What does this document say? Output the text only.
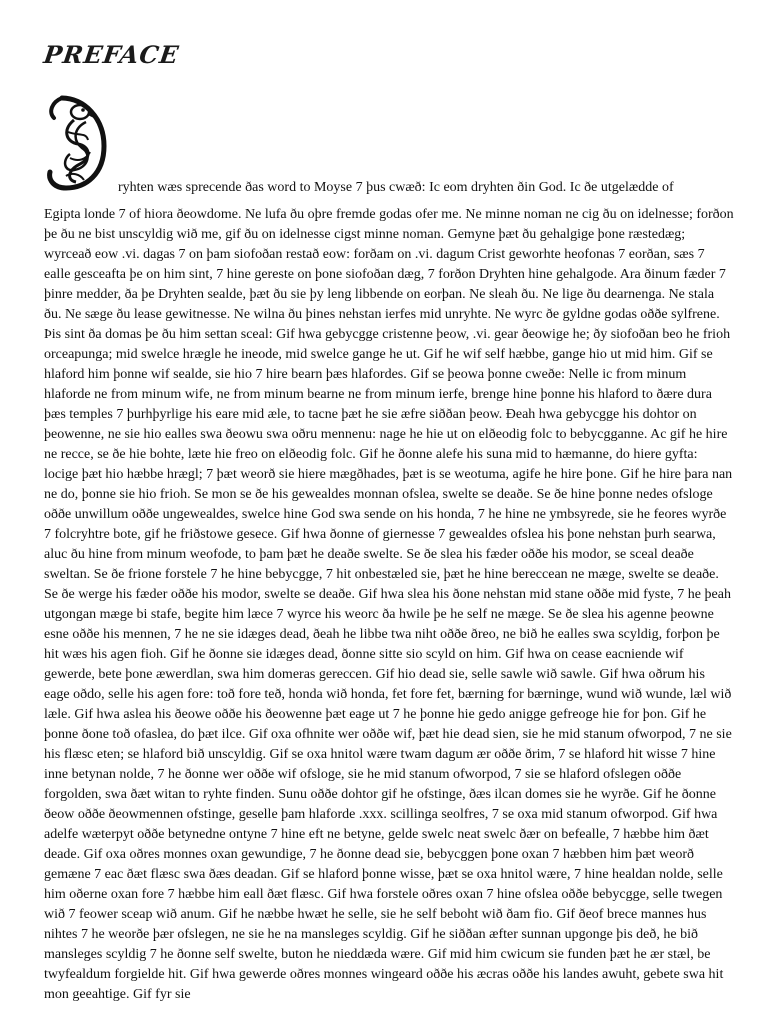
PREFACE
ryhten wæs sprecende ðas word to Moyse 7 þus cwæð: Ic eom dryhten ðin God. Ic ðe utgelædde of
Egipta londe 7 of hiora ðeowdome. Ne lufa ðu oþre fremde godas ofer me. Ne minne noman ne cig ðu on idelnesse; forðon þe ðu ne bist unscyldig wið me, gif ðu on idelnesse cigst minne noman. Gemyne þæt ðu gehalgige þone ræstedæg; wyrceað eow .vi. dagas 7 on þam siofoðan restað eow: forðam on .vi. dagum Crist geworhte heofonas 7 eorðan, sæs 7 ealle gesceafta þe on him sint, 7 hine gereste on þone siofoðan dæg, 7 forðon Dryhten hine gehalgode. Ara ðinum fæder 7 þinre medder, ða þe Dryhten sealde, þæt ðu sie þy leng libbende on eorþan. Ne sleah ðu. Ne lige ðu dearnenga. Ne stala ðu. Ne sæge ðu lease gewitnesse. Ne wilna ðu þines nehstan ierfes mid unryhte. Ne wyrc ðe gyldne godas oððe sylfrene. Þis sint ða domas þe ðu him settan sceal: Gif hwa gebycgge cristenne þeow, .vi. gear ðeowige he; ðy siofoðan beo he frioh orceapunga; mid swelce hrægle he ineode, mid swelce gange he ut. Gif he wif self hæbbe, gange hio ut mid him. Gif se hlaford him þonne wif sealde, sie hio 7 hire bearn þæs hlafordes. Gif se þeowa þonne cweðe: Nelle ic from minum hlaforde ne from minum wife, ne from minum bearne ne from minum ierfe, brenge hine þonne his hlaford to ðære dura þæs temples 7 þurhþyrlige his eare mid æle, to tacne þæt he sie æfre siððan þeow. Ðeah hwa gebycgge his dohtor on þeowenne, ne sie hio ealles swa ðeowu swa oðru mennenu: nage he hie ut on elðeodig folc to bebycgganne. Ac gif he hire ne recce, se ðe hie bohte, læte hie freo on elðeodig folc. Gif he ðonne alefe his suna mid to hæmanne, do hiere gyfta: locige þæt hio hæbbe hrægl; 7 þæt weorð sie hiere mægðhades, þæt is se weotuma, agife he hire þone. Gif he hire þara nan ne do, þonne sie hio frioh. Se mon se ðe his gewealdes monnan ofslea, swelte se deaðe. Se ðe hine þonne nedes ofsloge oððe unwillum oððe ungewealdes, swelce hine God swa sende on his honda, 7 he hine ne ymbsyrede, sie he feores wyrðe 7 folcryhtre bote, gif he friðstowe gesece. Gif hwa ðonne of giernesse 7 gewealdes ofslea his þone nehstan þurh searwa, aluc ðu hine from minum weofode, to þam þæt he deaðe swelte. Se ðe slea his fæder oððe his modor, se sceal deaðe sweltan. Se ðe frione forstele 7 he hine bebycgge, 7 hit onbestæled sie, þæt he hine bereccean ne mæge, swelte se deaðe. Se ðe werge his fæder oððe his modor, swelte se deaðe. Gif hwa slea his ðone nehstan mid stane oððe mid fyste, 7 he þeah utgongan mæge bi stafe, begite him læce 7 wyrce his weorc ða hwile þe he self ne mæge. Se ðe slea his agenne þeowne esne oððe his mennen, 7 he ne sie idæges dead, ðeah he libbe twa niht oððe ðreo, ne bið he ealles swa scyldig, forþon þe hit wæs his agen fioh. Gif he ðonne sie idæges dead, ðonne sitte sio scyld on him. Gif hwa on cease eacniende wif gewerde, bete þone æwerdlan, swa him domeras gereccen. Gif hio dead sie, selle sawle wið sawle. Gif hwa oðrum his eage oðdo, selle his agen fore: toð fore teð, honda wið honda, fet fore fet, bærning for bærninge, wund wið wunde, læl wið læle. Gif hwa aslea his ðeowe oððe his ðeowenne þæt eage ut 7 he þonne hie gedo anigge gefreoge hie for þon. Gif he þonne ðone toð ofaslea, do þæt ilce. Gif oxa ofhnite wer oððe wif, þæt hie dead sien, sie he mid stanum ofworpod, 7 ne sie his flæsc eten; se hlaford bið unscyldig. Gif se oxa hnitol wære twam dagum ær oððe ðrim, 7 se hlaford hit wisse 7 hine inne betynan nolde, 7 he ðonne wer oððe wif ofsloge, sie he mid stanum ofworpod, 7 sie se hlaford ofslegen oððe forgolden, swa ðæt witan to ryhte finden. Sunu oððe dohtor gif he ofstinge, ðæs ilcan domes sie he wyrðe. Gif he ðonne ðeow oððe ðeowmennen ofstinge, geselle þam hlaforde .xxx. scillinga seolfres, 7 se oxa mid stanum ofworpod. Gif hwa adelfe wæterpyt oððe betynedne ontyne 7 hine eft ne betyne, gelde swelc neat swelc ðær on befealle, 7 hæbbe him ðæt deade. Gif oxa oðres monnes oxan gewundige, 7 he ðonne dead sie, bebycggen þone oxan 7 hæbben him þæt weorð gemæne 7 eac ðæt flæsc swa ðæs deadan. Gif se hlaford þonne wisse, þæt se oxa hnitol wære, 7 hine healdan nolde, selle him oðerne oxan fore 7 hæbbe him eall ðæt flæsc. Gif hwa forstele oðres oxan 7 hine ofslea oððe bebycgge, selle twegen wið 7 feower sceap wið anum. Gif he næbbe hwæt he selle, sie he self beboht wið ðam fio. Gif ðeof brece mannes hus nihtes 7 he weorðe þær ofslegen, ne sie he na mansleges scyldig. Gif he siððan æfter sunnan upgonge þis deð, he bið mansleges scyldig 7 he ðonne self swelte, buton he nieddæda wære. Gif mid him cwicum sie funden þæt he ær stæl, be twyfealdum forgielde hit. Gif hwa gewerde oðres monnes wingeard oððe his æcras oððe his landes awuht, gebete swa hit mon geeahtige. Gif fyr sie
